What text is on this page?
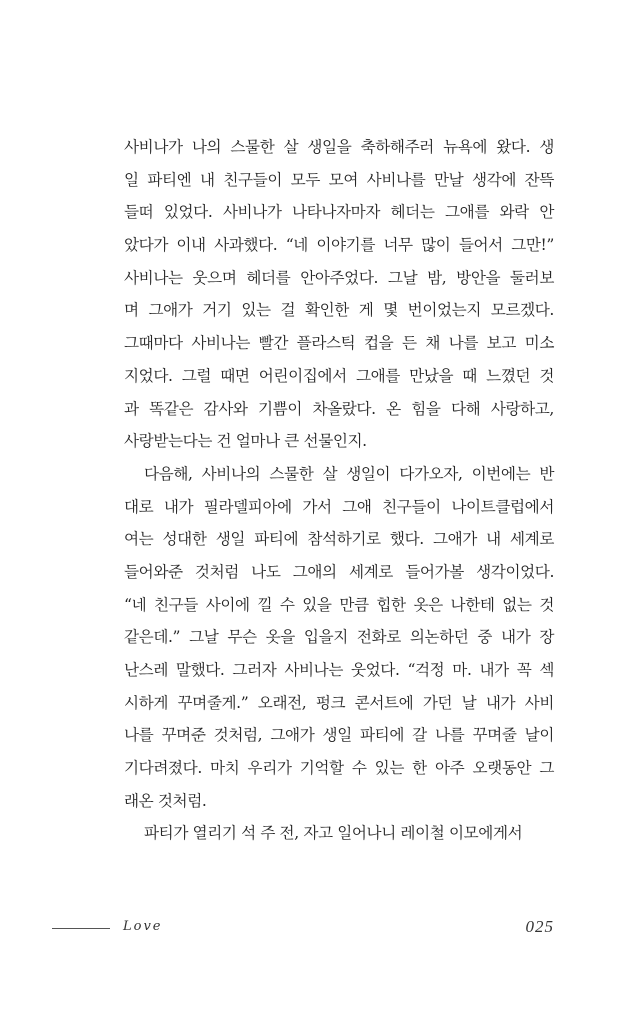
사비나가 나의 스물한 살 생일을 축하해주러 뉴욕에 왔다. 생
일 파티엔 내 친구들이 모두 모여 사비나를 만날 생각에 잔뜩
들떠 있었다. 사비나가 나타나자마자 헤더는 그애를 와락 안
았다가 이내 사과했다. “네 이야기를 너무 많이 들어서 그만!”
사비나는 웃으며 헤더를 안아주었다. 그날 밤, 방안을 둘러보
며 그애가 거기 있는 걸 확인한 게 몇 번이었는지 모르겠다.
그때마다 사비나는 빨간 플라스틱 컵을 든 채 나를 보고 미소
지었다. 그럴 때면 어린이집에서 그애를 만났을 때 느꼈던 것
과 똑같은 감사와 기쁨이 차올랐다. 온 힘을 다해 사랑하고,
사랑받는다는 건 얼마나 큰 선물인지.
다음해, 사비나의 스물한 살 생일이 다가오자, 이번에는 반
대로 내가 필라델피아에 가서 그애 친구들이 나이트클럽에서
여는 성대한 생일 파티에 참석하기로 했다. 그애가 내 세계로
들어와준 것처럼 나도 그애의 세계로 들어가볼 생각이었다.
“네 친구들 사이에 낄 수 있을 만큼 힙한 옷은 나한테 없는 것
같은데.” 그날 무슨 옷을 입을지 전화로 의논하던 중 내가 장
난스레 말했다. 그러자 사비나는 웃었다. “걱정 마. 내가 꼭 섹
시하게 꾸며줄게.” 오래전, 펑크 콘서트에 가던 날 내가 사비
나를 꾸며준 것처럼, 그애가 생일 파티에 갈 나를 꾸며줄 날이
기다려졌다. 마치 우리가 기억할 수 있는 한 아주 오랫동안 그
래온 것처럼.
파티가 열리기 석 주 전, 자고 일어나니 레이철 이모에게서
Love	025
